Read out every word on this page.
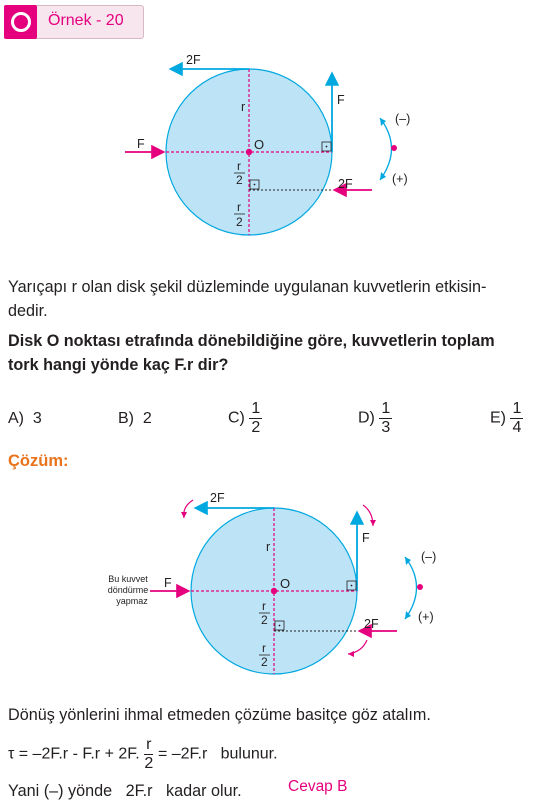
Örnek - 20
2F
F
F
2F
O
r
r
2
r
2
(–)
(+)
Yarıçapı r olan disk şekil düzleminde uygulanan kuvvetlerin etkisin-
dedir.
Disk O noktası etrafında dönebildiğine göre, kuvvetlerin toplam
tork hangi yönde kaç F.r dir?
A) 3	B) 2	$C) \frac{1}{2}$	$D) \frac{1}{3}$	$E) \frac{1}{4}$
Çözüm:
2F
F
F
2F
O
r
r
2
r
2
(–)
(+)
Bu kuvvet
döndürme
yapmaz
Dönüş yönlerini ihmal etmeden çözüme basitçe göz atalım.
τ = –2F.r - F.r + 2F. $\frac{r}{2} = -2F.r$   bulunur.
Yani (–) yönde   2F.r   kadar olur.	Cevap B
